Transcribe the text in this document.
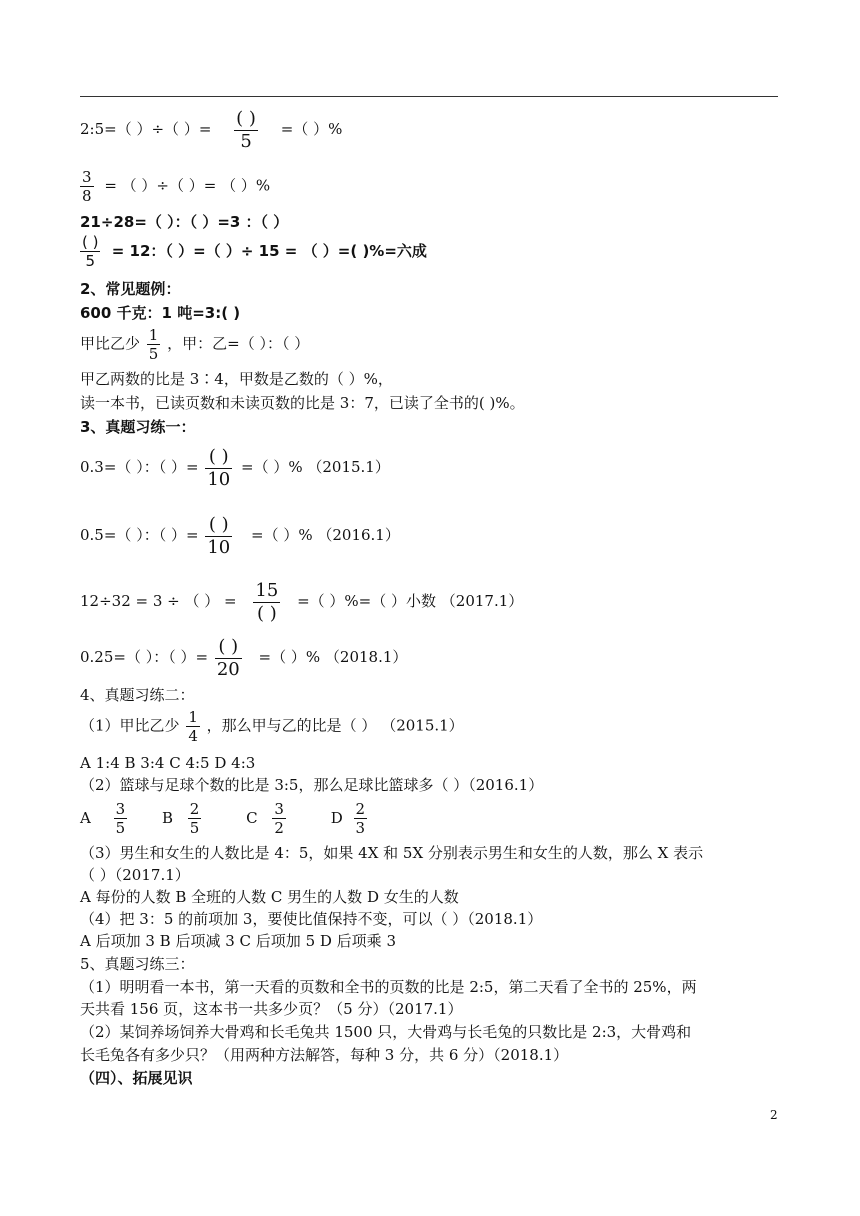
2:5=（ ）÷（ ）= $\frac{( )}{5}$ =（ ）%
$\frac{3}{8}$ = （ ）÷（ ）= （ ）%
21÷28=（ ）：（ ）=3 ：（ ）
$\frac{( )}{5} = 12$：（ ）=（ ）÷ 15 = （ ）=( )%=六成
2、常见题例：
600 千克：1 吨=3:( )
甲比乙少 $\frac{1}{5}$ ，甲：乙=（ ）：（ ）
甲乙两数的比是 3∶4，甲数是乙数的（ ）%，
读一本书，已读页数和未读页数的比是 3：7，已读了全书的( )%。
3、真题习练一：
0.3=（ ）：（ ）= $\frac{( )}{10}$ =（ ）% （2015.1）
0.5=（ ）：（ ）= $\frac{( )}{10}$ =（ ）% （2016.1）
12÷32 = 3 ÷ （ ） = $\frac{15}{( )}$ =（ ）%=（ ）小数 （2017.1）
0.25=（ ）：（ ）= $\frac{( )}{20}$ =（ ）% （2018.1）
4、真题习练二：
（1）甲比乙少 $\frac{1}{4}$ ，那么甲与乙的比是（ ） （2015.1）
A 1:4 B 3:4 C 4:5 D 4:3
（2）篮球与足球个数的比是 3:5，那么足球比篮球多（ ）（2016.1）
A $\frac{3}{5}$ B $\frac{2}{5}$	C $\frac{3}{2}$	D $\frac{2}{3}$
（3）男生和女生的人数比是 4：5，如果 4X 和 5X 分别表示男生和女生的人数，那么 X 表示
（ ）（2017.1）
A 每份的人数 B 全班的人数 C 男生的人数 D 女生的人数
（4）把 3：5 的前项加 3，要使比值保持不变，可以（ ）（2018.1）
A 后项加 3 B 后项减 3 C 后项加 5 D 后项乘 3
5、真题习练三：
（1）明明看一本书，第一天看的页数和全书的页数的比是 2:5，第二天看了全书的 25%，两
天共看 156 页，这本书一共多少页？（5 分）（2017.1）
（2）某饲养场饲养大骨鸡和长毛兔共 1500 只，大骨鸡与长毛兔的只数比是 2:3，大骨鸡和
长毛兔各有多少只？（用两种方法解答，每种 3 分，共 6 分）（2018.1）
（四）、拓展见识
2
